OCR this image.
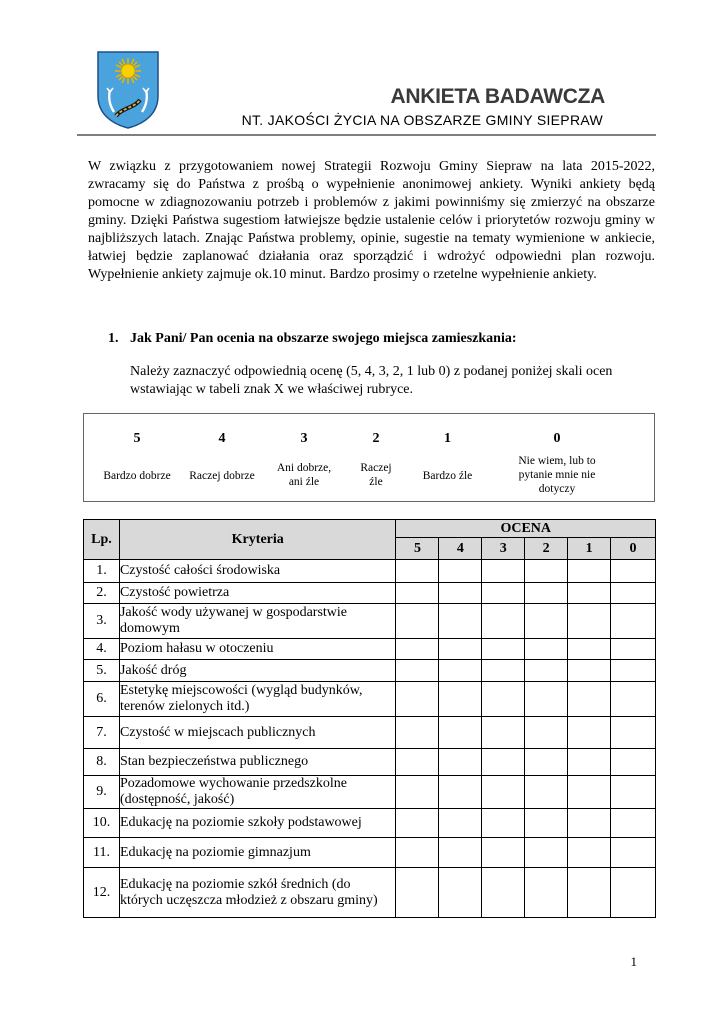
ANKIETA BADAWCZA
NT. JAKOŚCI ŻYCIA NA OBSZARZE GMINY SIEPRAW

W związku z przygotowaniem nowej Strategii Rozwoju Gminy Sieprаw na lata 2015-2022, zwracamy się do Państwa z prośbą o wypełnienie anonimowej ankiety. Wyniki ankiety będą pomocne w zdiagnozowaniu potrzeb i problemów z jakimi powinniśmy się zmierzyć na obszarze gminy. Dzięki Państwa sugestiom łatwiejsze będzie ustalenie celów i priorytetów rozwoju gminy w najbliższych latach. Znając Państwa problemy, opinie, sugestie na tematy wymienione w ankiecie, łatwiej będzie zaplanować działania oraz sporządzić i wdrożyć odpowiedni plan rozwoju. Wypełnienie ankiety zajmuje ok.10 minut. Bardzo prosimy o rzetelne wypełnienie ankiety.

1. Jak Pani/ Pan ocenia na obszarze swojego miejsca zamieszkania:

Należy zaznaczyć odpowiednią ocenę (5, 4, 3, 2, 1 lub 0) z podanej poniżej skali ocen wstawiając w tabeli znak X we właściwej rubryce.

5
Bardzo dobrze
4
Raczej dobrze
3
Ani dobrze,
ani źle
2
Raczej
źle
1
Bardzo źle
0
Nie wiem, lub to
pytanie mnie nie
dotyczy
Lp.	Kryteria	OCENA					
		5	4	3	2	1	0
1.	Czystość całości środowiska						
2.	Czystość powietrza						
3.	Jakość wody używanej w gospodarstwie domowym						
4.	Poziom hałasu w otoczeniu						
5.	Jakość dróg						
6.	Estetykę miejscowości (wygląd budynków, terenów zielonych itd.)						
7.	Czystość w miejscach publicznych						
8.	Stan bezpieczeństwa publicznego						
9.	Pozadomowe wychowanie przedszkolne (dostępność, jakość)						
10.	Edukację na poziomie szkoły podstawowej						
11.	Edukację na poziomie gimnazjum						
12.	Edukację na poziomie szkół średnich (do których uczęszcza młodzież z obszaru gminy)						
1
